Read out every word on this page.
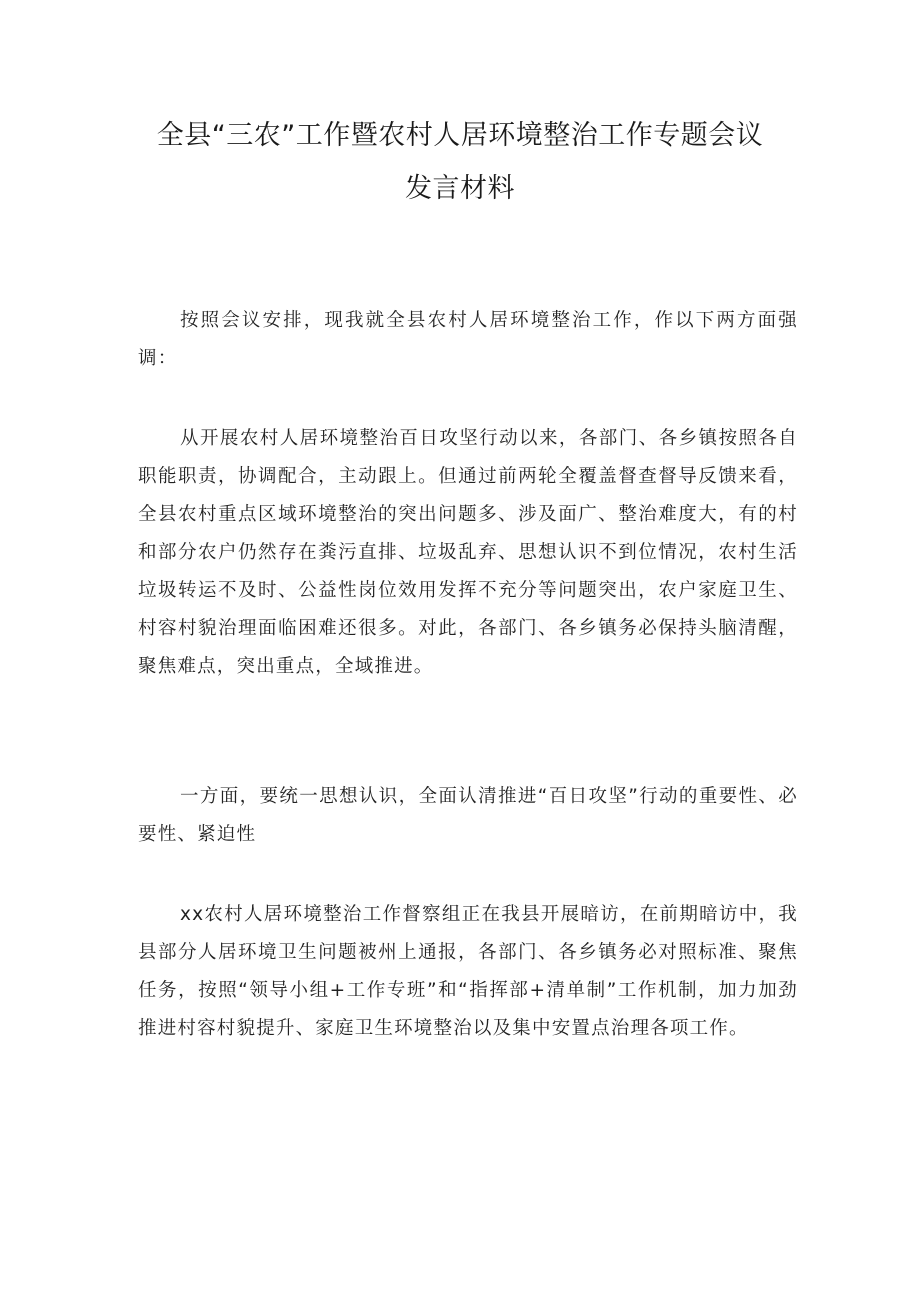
全县“三农”工作暨农村人居环境整治工作专题会议
发言材料

按照会议安排，现我就全县农村人居环境整治工作，作以下两方面强调：

从开展农村人居环境整治百日攻坚行动以来，各部门、各乡镇按照各自职能职责，协调配合，主动跟上。但通过前两轮全覆盖督查督导反馈来看，全县农村重点区域环境整治的突出问题多、涉及面广、整治难度大，有的村和部分农户仍然存在粪污直排、垃圾乱弃、思想认识不到位情况，农村生活垃圾转运不及时、公益性岗位效用发挥不充分等问题突出，农户家庭卫生、村容村貌治理面临困难还很多。对此，各部门、各乡镇务必保持头脑清醒，聚焦难点，突出重点，全域推进。

一方面，要统一思想认识，全面认清推进“百日攻坚”行动的重要性、必要性、紧迫性

xx农村人居环境整治工作督察组正在我县开展暗访，在前期暗访中，我县部分人居环境卫生问题被州上通报，各部门、各乡镇务必对照标准、聚焦任务，按照“领导小组+工作专班”和“指挥部+清单制”工作机制，加力加劲推进村容村貌提升、家庭卫生环境整治以及集中安置点治理各项工作。
